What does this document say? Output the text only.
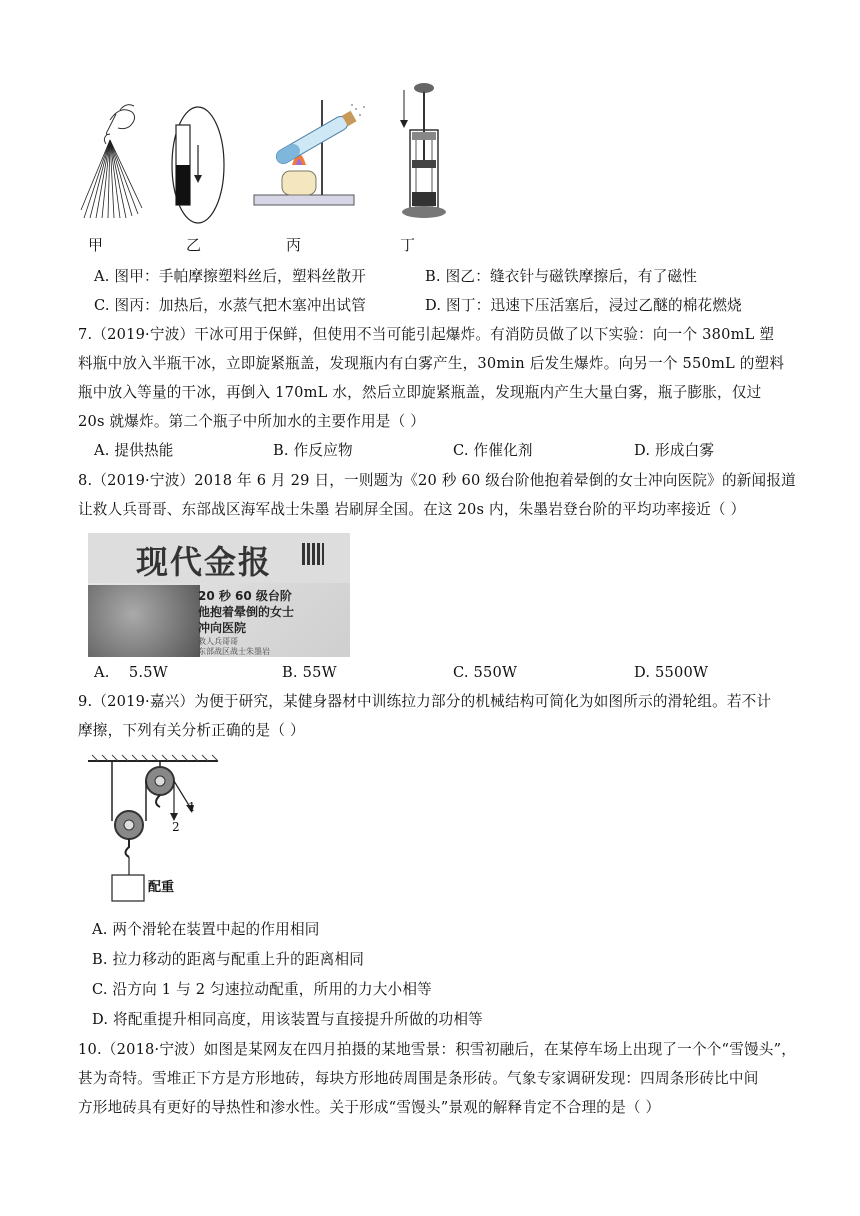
甲	乙	丙	丁
A. 图甲：手帕摩擦塑料丝后，塑料丝散开	B. 图乙：缝衣针与磁铁摩擦后，有了磁性
C. 图丙：加热后，水蒸气把木塞冲出试管	D. 图丁：迅速下压活塞后，浸过乙醚的棉花燃烧
7.（2019·宁波）干冰可用于保鲜，但使用不当可能引起爆炸。有消防员做了以下实验：向一个 380mL 塑
料瓶中放入半瓶干冰，立即旋紧瓶盖，发现瓶内有白雾产生，30min 后发生爆炸。向另一个 550mL 的塑料
瓶中放入等量的干冰，再倒入 170mL 水，然后立即旋紧瓶盖，发现瓶内产生大量白雾，瓶子膨胀，仅过
20s 就爆炸。第二个瓶子中所加水的主要作用是（ ）
A. 提供热能	B. 作反应物	C. 作催化剂	D. 形成白雾
8.（2019·宁波）2018 年 6 月 29 日，一则题为《20 秒 60 级台阶他抱着晕倒的女士冲向医院》的新闻报道
让救人兵哥哥、东部战区海军战士朱墨 岩刷屏全国。在这 20s 内，朱墨岩登台阶的平均功率接近（ ）
现代金报
20 秒 60 级台阶
他抱着晕倒的女士
冲向医院
救人兵哥哥
东部战区战士朱墨岩
A.    5.5W	B. 55W	C. 550W	D. 5500W
9.（2019·嘉兴）为便于研究，某健身器材中训练拉力部分的机械结构可简化为如图所示的滑轮组。若不计
摩擦，下列有关分析正确的是（ ）
1
2
配重
A. 两个滑轮在装置中起的作用相同
B. 拉力移动的距离与配重上升的距离相同
C. 沿方向 1 与 2 匀速拉动配重，所用的力大小相等
D. 将配重提升相同高度，用该装置与直接提升所做的功相等
10.（2018·宁波）如图是某网友在四月拍摄的某地雪景：积雪初融后，在某停车场上出现了一个个“雪馒头”，
甚为奇特。雪堆正下方是方形地砖，每块方形地砖周围是条形砖。气象专家调研发现：四周条形砖比中间
方形地砖具有更好的导热性和渗水性。关于形成“雪馒头”景观的解释肯定不合理的是（ ）
